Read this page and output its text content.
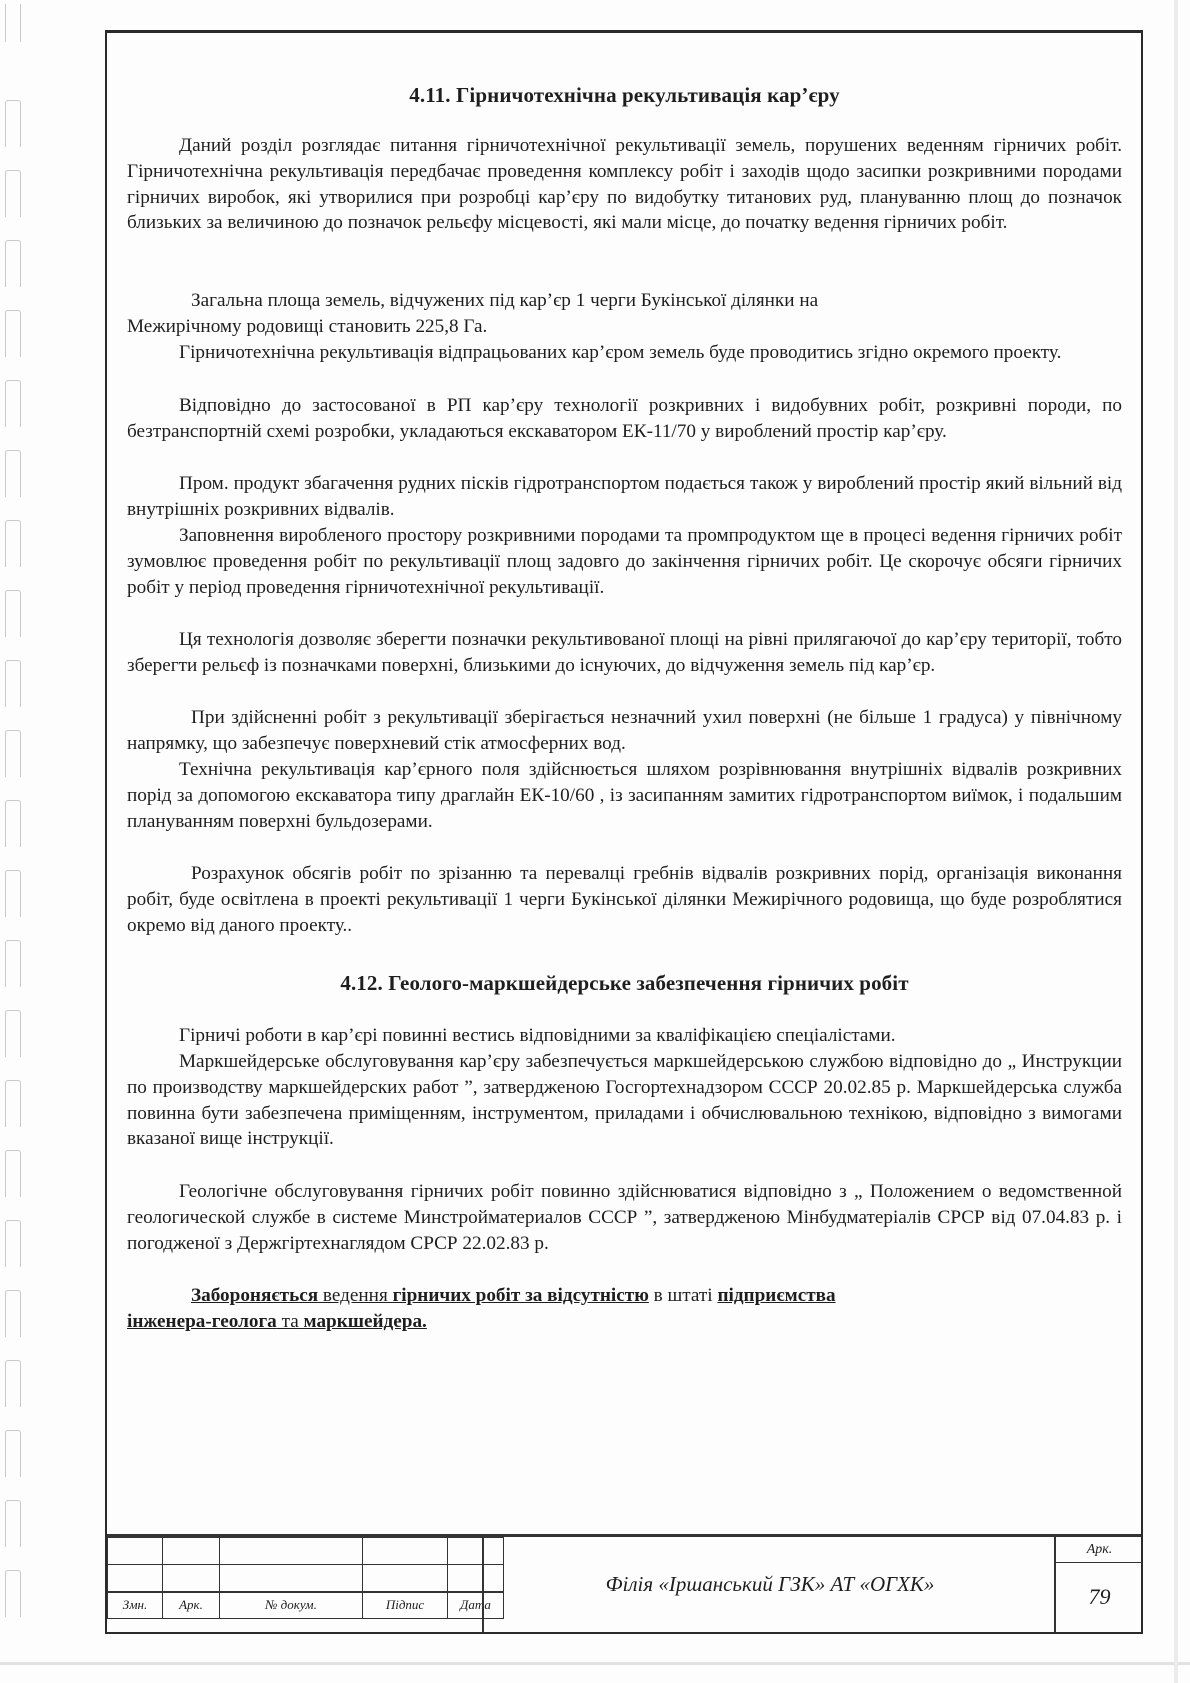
4.11. Гірничотехнічна рекультивація кар’єру

Даний розділ розглядає питання гірничотехнічної рекультивації земель, порушених веденням гірничих робіт. Гірничотехнічна рекультивація передбачає проведення комплексу робіт і заходів щодо засипки розкривними породами гірничих виробок, які утворилися при розробці кар’єру по видобутку титанових руд, плануванню площ до позначок близьких за величиною до позначок рельєфу місцевості, які мали місце, до початку ведення гірничих робіт.

Загальна площа земель, відчужених під кар’єр 1 черги Букінської ділянки на

Межирічному родовищі становить 225,8 Га.

Гірничотехнічна рекультивація відпрацьованих кар’єром земель буде проводитись згідно окремого проекту.

Відповідно до застосованої в РП кар’єру технології розкривних і видобувних робіт, розкривні породи, по безтранспортній схемі розробки, укладаються екскаватором ЕК-11/70 у вироблений простір кар’єру.

Пром. продукт збагачення рудних пісків гідротранспортом подається також у вироблений простір який вільний від внутрішніх розкривних відвалів.

Заповнення виробленого простору розкривними породами та промпродуктом ще в процесі ведення гірничих робіт зумовлює проведення робіт по рекультивації площ задовго до закінчення гірничих робіт. Це скорочує обсяги гірничих робіт у період проведення гірничотехнічної рекультивації.

Ця технологія дозволяє зберегти позначки рекультивованої площі на рівні прилягаючої до кар’єру території, тобто зберегти рельєф із позначками поверхні, близькими до існуючих, до відчуження земель під кар’єр.

При здійсненні робіт з рекультивації зберігається незначний ухил поверхні (не більше 1 градуса) у північному напрямку, що забезпечує поверхневий стік атмосферних вод.

Технічна рекультивація кар’єрного поля здійснюється шляхом розрівнювання внутрішніх відвалів розкривних порід за допомогою екскаватора типу драглайн ЕК-10/60 , із засипанням замитих гідротранспортом виїмок, і подальшим плануванням поверхні бульдозерами.

Розрахунок обсягів робіт по зрізанню та перевалці гребнів відвалів розкривних порід, організація виконання робіт, буде освітлена в проекті рекультивації 1 черги Букінської ділянки Межирічного родовища, що буде розроблятися окремо від даного проекту..

4.12. Геолого-маркшейдерське забезпечення гірничих робіт

Гірничі роботи в кар’єрі повинні вестись відповідними за кваліфікацією спеціалістами.

Маркшейдерське обслуговування кар’єру забезпечується маркшейдерською службою відповідно до „ Инструкции по производству маркшейдерских работ ”, затвердженою Госгортехнадзором СССР 20.02.85 р. Маркшейдерська служба повинна бути забезпечена приміщенням, інструментом, приладами і обчислювальною технікою, відповідно з вимогами вказаної вище інструкції.

Геологічне обслуговування гірничих робіт повинно здійснюватися відповідно з „ Положением о ведомственной геологической службе в системе Минстройматериалов СССР ”, затвердженою Мінбудматеріалів СРСР від 07.04.83 р. і погодженої з Держгіртехнаглядом СРСР 22.02.83 р.

Забороняється ведення гірничих робіт за відсутністю в штаті підприємства
інженера-геолога та маркшейдера.

Змн.	Арк.	№ докум.	Підпис	Дата
Філія «Іршанський ГЗК» АТ «ОГХК»
Арк.
79
